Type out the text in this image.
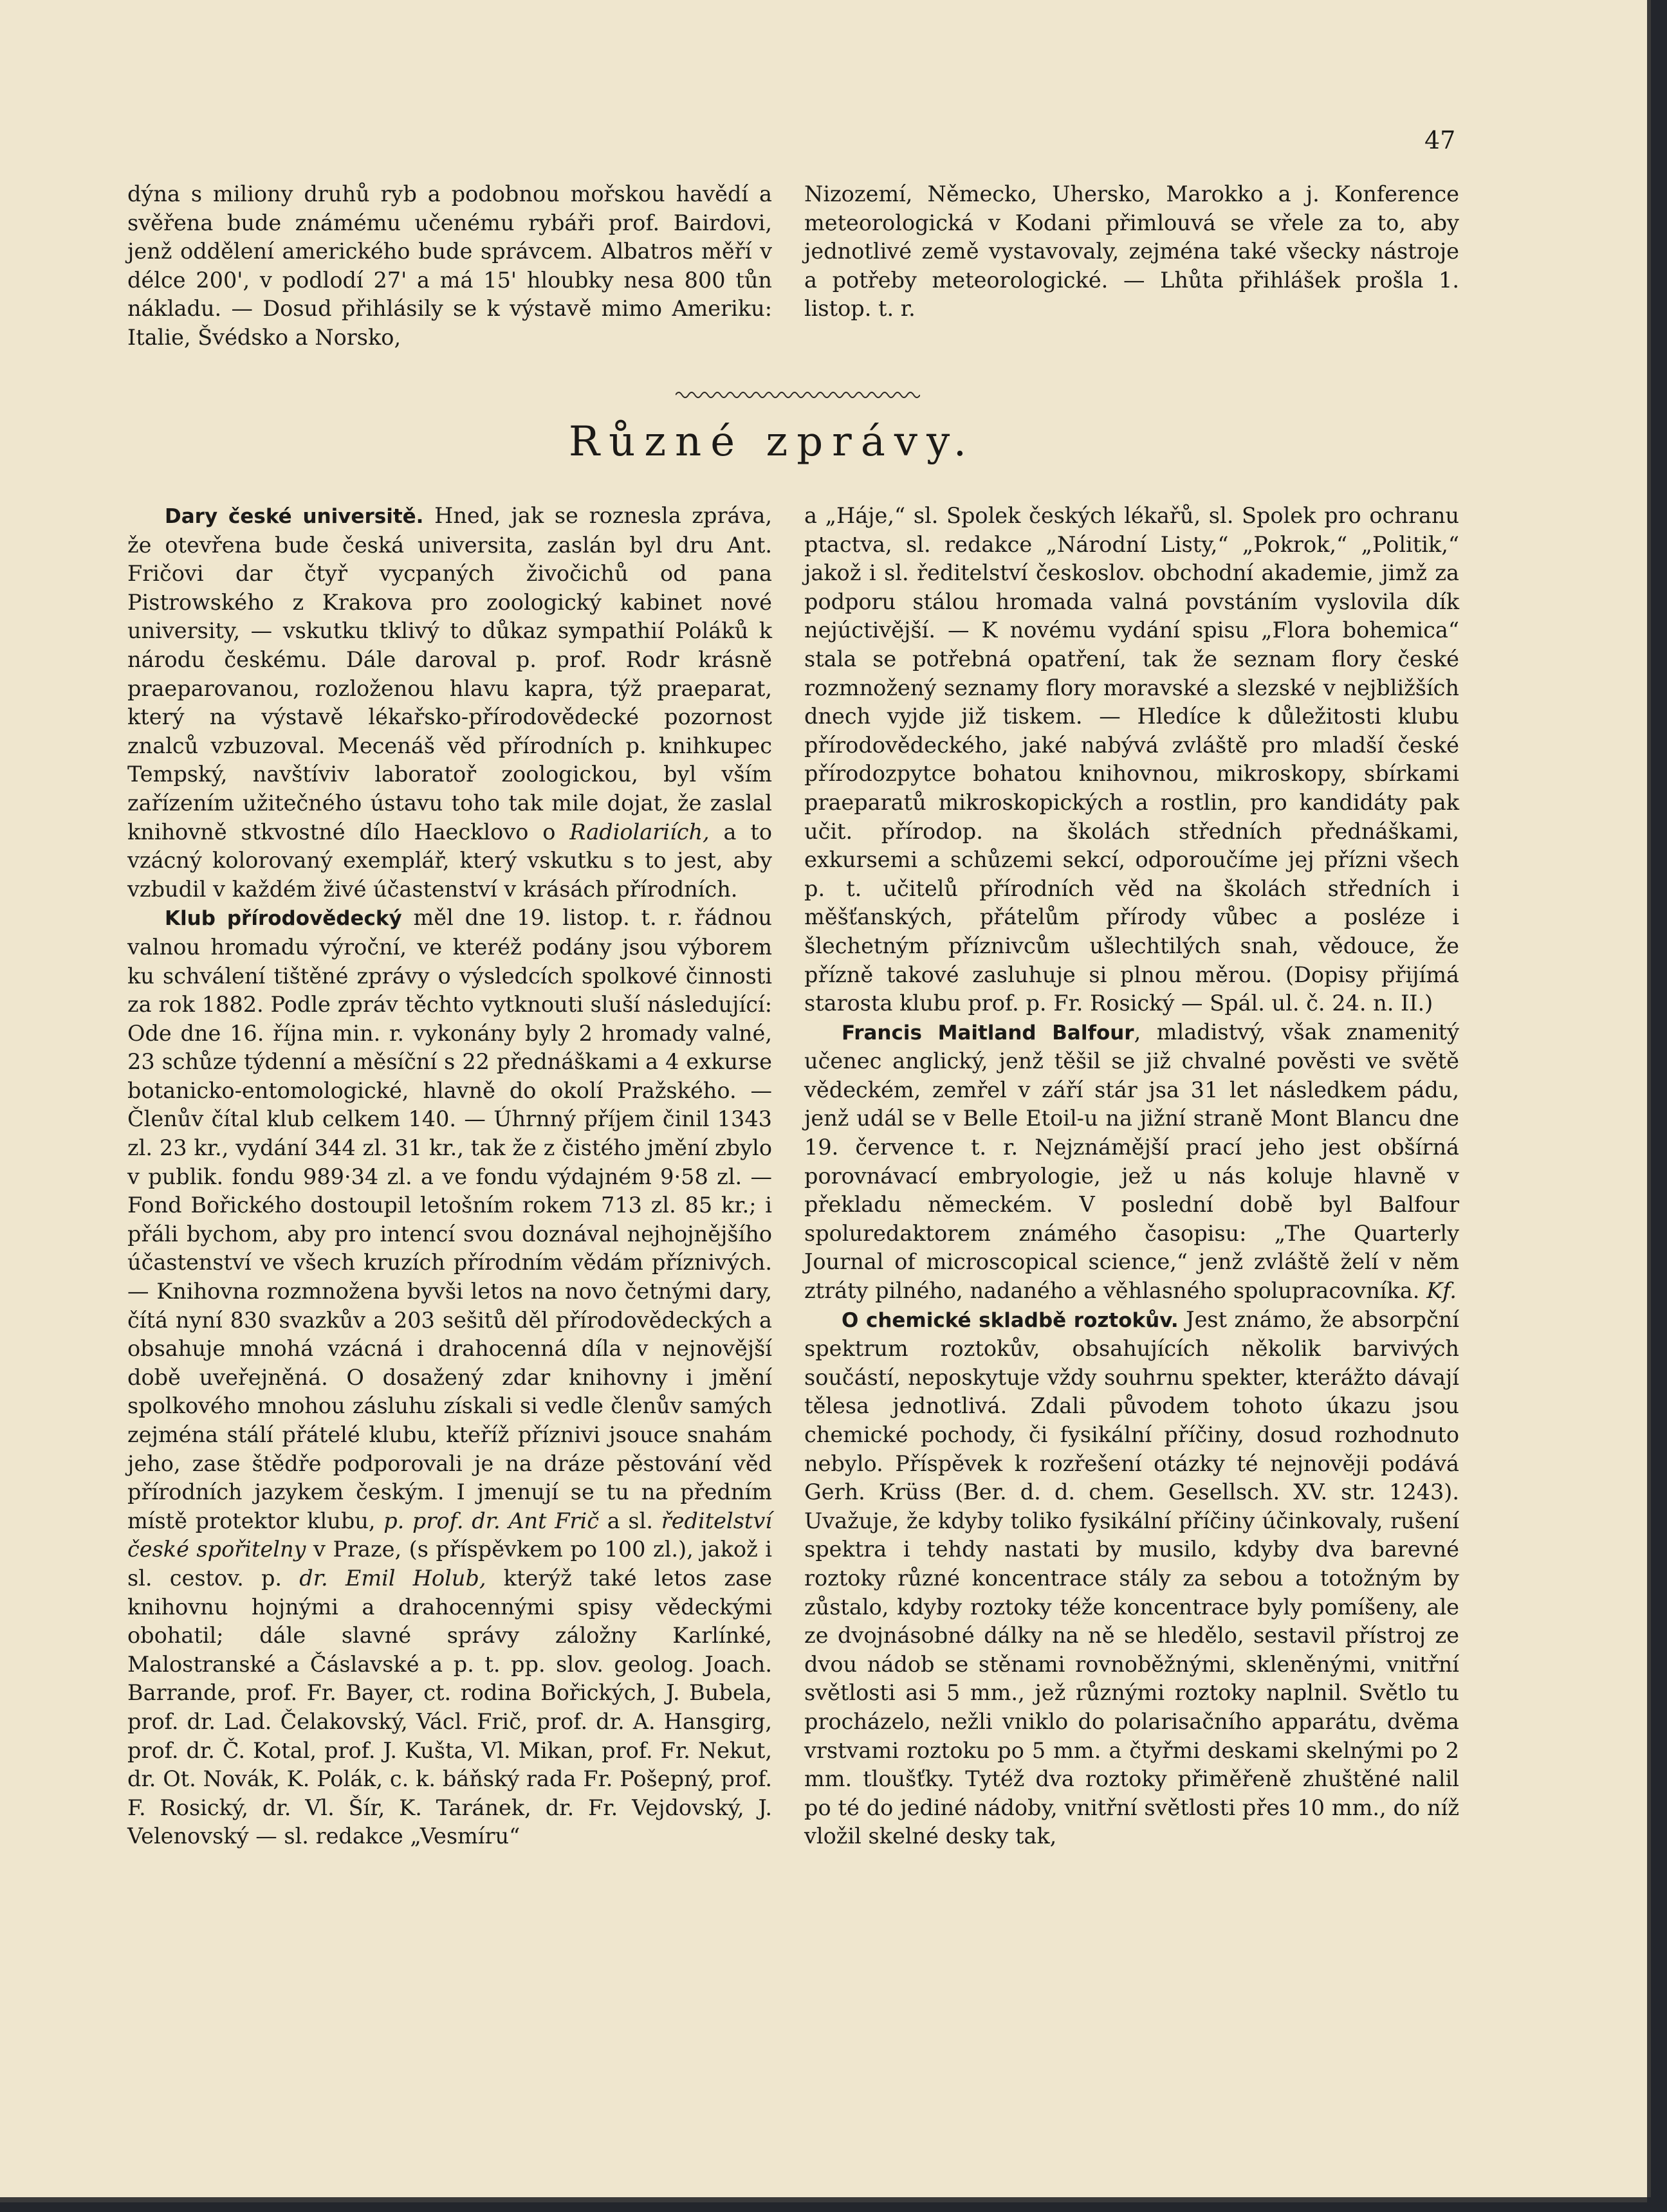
47

dýna s miliony druhů ryb a podobnou mořskou havědí a svěřena bude známému učenému rybáři prof. Bairdovi, jenž oddělení amerického bude správcem. Albatros měří v délce 200', v podlodí 27' a má 15' hloubky nesa 800 tůn nákladu. — Dosud přihlásily se k výstavě mimo Ameriku: Italie, Švédsko a Norsko,

Nizozemí, Německo, Uhersko, Marokko a j. Konference meteorologická v Kodani přimlouvá se vřele za to, aby jednotlivé země vystavovaly, zejména také všecky nástroje a potřeby meteorologické. — Lhůta přihlášek prošla 1. listop. t. r.

Různé zprávy.

Dary české universitě. Hned, jak se roznesla zpráva, že otevřena bude česká universita, zaslán byl dru Ant. Fričovi dar čtyř vycpaných živočichů od pana Pistrowského z Krakova pro zoologický kabinet nové university, — vskutku tklivý to důkaz sympathií Poláků k národu českému. Dále daroval p. prof. Rodr krásně praeparovanou, rozloženou hlavu kapra, týž praeparat, který na výstavě lékařsko-přírodovědecké pozornost znalců vzbuzoval. Mecenáš věd přírodních p. knihkupec Tempský, navštíviv laboratoř zoologickou, byl vším zařízením užitečného ústavu toho tak mile dojat, že zaslal knihovně stkvostné dílo Haecklovo o Radiolariích, a to vzácný kolorovaný exemplář, který vskutku s to jest, aby vzbudil v každém živé účastenství v krásách přírodních.

Klub přírodovědecký měl dne 19. listop. t. r. řádnou valnou hromadu výroční, ve kteréž podány jsou výborem ku schválení tištěné zprávy o výsledcích spolkové činnosti za rok 1882. Podle zpráv těchto vytknouti sluší následující: Ode dne 16. října min. r. vykonány byly 2 hromady valné, 23 schůze týdenní a měsíční s 22 přednáškami a 4 exkurse botanicko-entomologické, hlavně do okolí Pražského. — Členův čítal klub celkem 140. — Úhrnný příjem činil 1343 zl. 23 kr., vydání 344 zl. 31 kr., tak že z čistého jmění zbylo v publik. fondu 989·34 zl. a ve fondu výdajném 9·58 zl. — Fond Bořického dostoupil letošním rokem 713 zl. 85 kr.; i přáli bychom, aby pro intencí svou doznával nejhojnějšího účastenství ve všech kruzích přírodním vědám příznivých. — Knihovna rozmnožena byvši letos na novo četnými dary, čítá nyní 830 svazkův a 203 sešitů děl přírodovědeckých a obsahuje mnohá vzácná i drahocenná díla v nejnovější době uveřejněná. O dosažený zdar knihovny i jmění spolkového mnohou zásluhu získali si vedle členův samých zejména stálí přátelé klubu, kteříž příznivi jsouce snahám jeho, zase štědře podporovali je na dráze pěstování věd přírodních jazykem českým. I jmenují se tu na předním místě protektor klubu, p. prof. dr. Ant Frič a sl. ředitelství české spořitelny v Praze, (s příspěvkem po 100 zl.), jakož i sl. cestov. p. dr. Emil Holub, kterýž také letos zase knihovnu hojnými a drahocennými spisy vědeckými obohatil; dále slavné správy záložny Karlínké, Malostranské a Čáslavské a p. t. pp. slov. geolog. Joach. Barrande, prof. Fr. Bayer, ct. rodina Bořických, J. Bubela, prof. dr. Lad. Čelakovský, Václ. Frič, prof. dr. A. Hansgirg, prof. dr. Č. Kotal, prof. J. Kušta, Vl. Mikan, prof. Fr. Nekut, dr. Ot. Novák, K. Polák, c. k. báňský rada Fr. Pošepný, prof. F. Rosický, dr. Vl. Šír, K. Taránek, dr. Fr. Vejdovský, J. Velenovský — sl. redakce „Vesmíru“

a „Háje,“ sl. Spolek českých lékařů, sl. Spolek pro ochranu ptactva, sl. redakce „Národní Listy,“ „Pokrok,“ „Politik,“ jakož i sl. ředitelství českoslov. obchodní akademie, jimž za podporu stálou hromada valná povstáním vyslovila dík nejúctivější. — K novému vydání spisu „Flora bohemica“ stala se potřebná opatření, tak že seznam flory české rozmnožený seznamy flory moravské a slezské v nejbližších dnech vyjde již tiskem. — Hledíce k důležitosti klubu přírodovědeckého, jaké nabývá zvláště pro mladší české přírodozpytce bohatou knihovnou, mikroskopy, sbírkami praeparatů mikroskopických a rostlin, pro kandidáty pak učit. přírodop. na školách středních přednáškami, exkursemi a schůzemi sekcí, odporoučíme jej přízni všech p. t. učitelů přírodních věd na školách středních i měšťanských, přátelům přírody vůbec a posléze i šlechetným příznivcům ušlechtilých snah, vědouce, že přízně takové zasluhuje si plnou měrou. (Dopisy přijímá starosta klubu prof. p. Fr. Rosický — Spál. ul. č. 24. n. II.)

Francis Maitland Balfour, mladistvý, však znamenitý učenec anglický, jenž těšil se již chvalné pověsti ve světě vědeckém, zemřel v září stár jsa 31 let následkem pádu, jenž udál se v Belle Etoil-u na jižní straně Mont Blancu dne 19. července t. r. Nejznámější prací jeho jest obšírná porovnávací embryologie, jež u nás koluje hlavně v překladu německém. V poslední době byl Balfour spoluredaktorem známého časopisu: „The Quarterly Journal of microscopical science,“ jenž zvláště želí v něm ztráty pilného, nadaného a věhlasného spolupracovníka. Kf.

O chemické skladbě roztokův. Jest známo, že absorpční spektrum roztokův, obsahujících několik barvivých součástí, neposkytuje vždy souhrnu spekter, kterážto dávají tělesa jednotlivá. Zdali původem tohoto úkazu jsou chemické pochody, či fysikální příčiny, dosud rozhodnuto nebylo. Příspěvek k rozřešení otázky té nejnověji podává Gerh. Krüss (Ber. d. d. chem. Gesellsch. XV. str. 1243). Uvažuje, že kdyby toliko fysikální příčiny účinkovaly, rušení spektra i tehdy nastati by musilo, kdyby dva barevné roztoky různé koncentrace stály za sebou a totožným by zůstalo, kdyby roztoky téže koncentrace byly pomíšeny, ale ze dvojnásobné dálky na ně se hledělo, sestavil přístroj ze dvou nádob se stěnami rovnoběžnými, skleněnými, vnitřní světlosti asi 5 mm., jež různými roztoky naplnil. Světlo tu procházelo, nežli vniklo do polarisačního apparátu, dvěma vrstvami roztoku po 5 mm. a čtyřmi deskami skelnými po 2 mm. tloušťky. Tytéž dva roztoky přiměřeně zhuštěné nalil po té do jediné nádoby, vnitřní světlosti přes 10 mm., do níž vložil skelné desky tak,
